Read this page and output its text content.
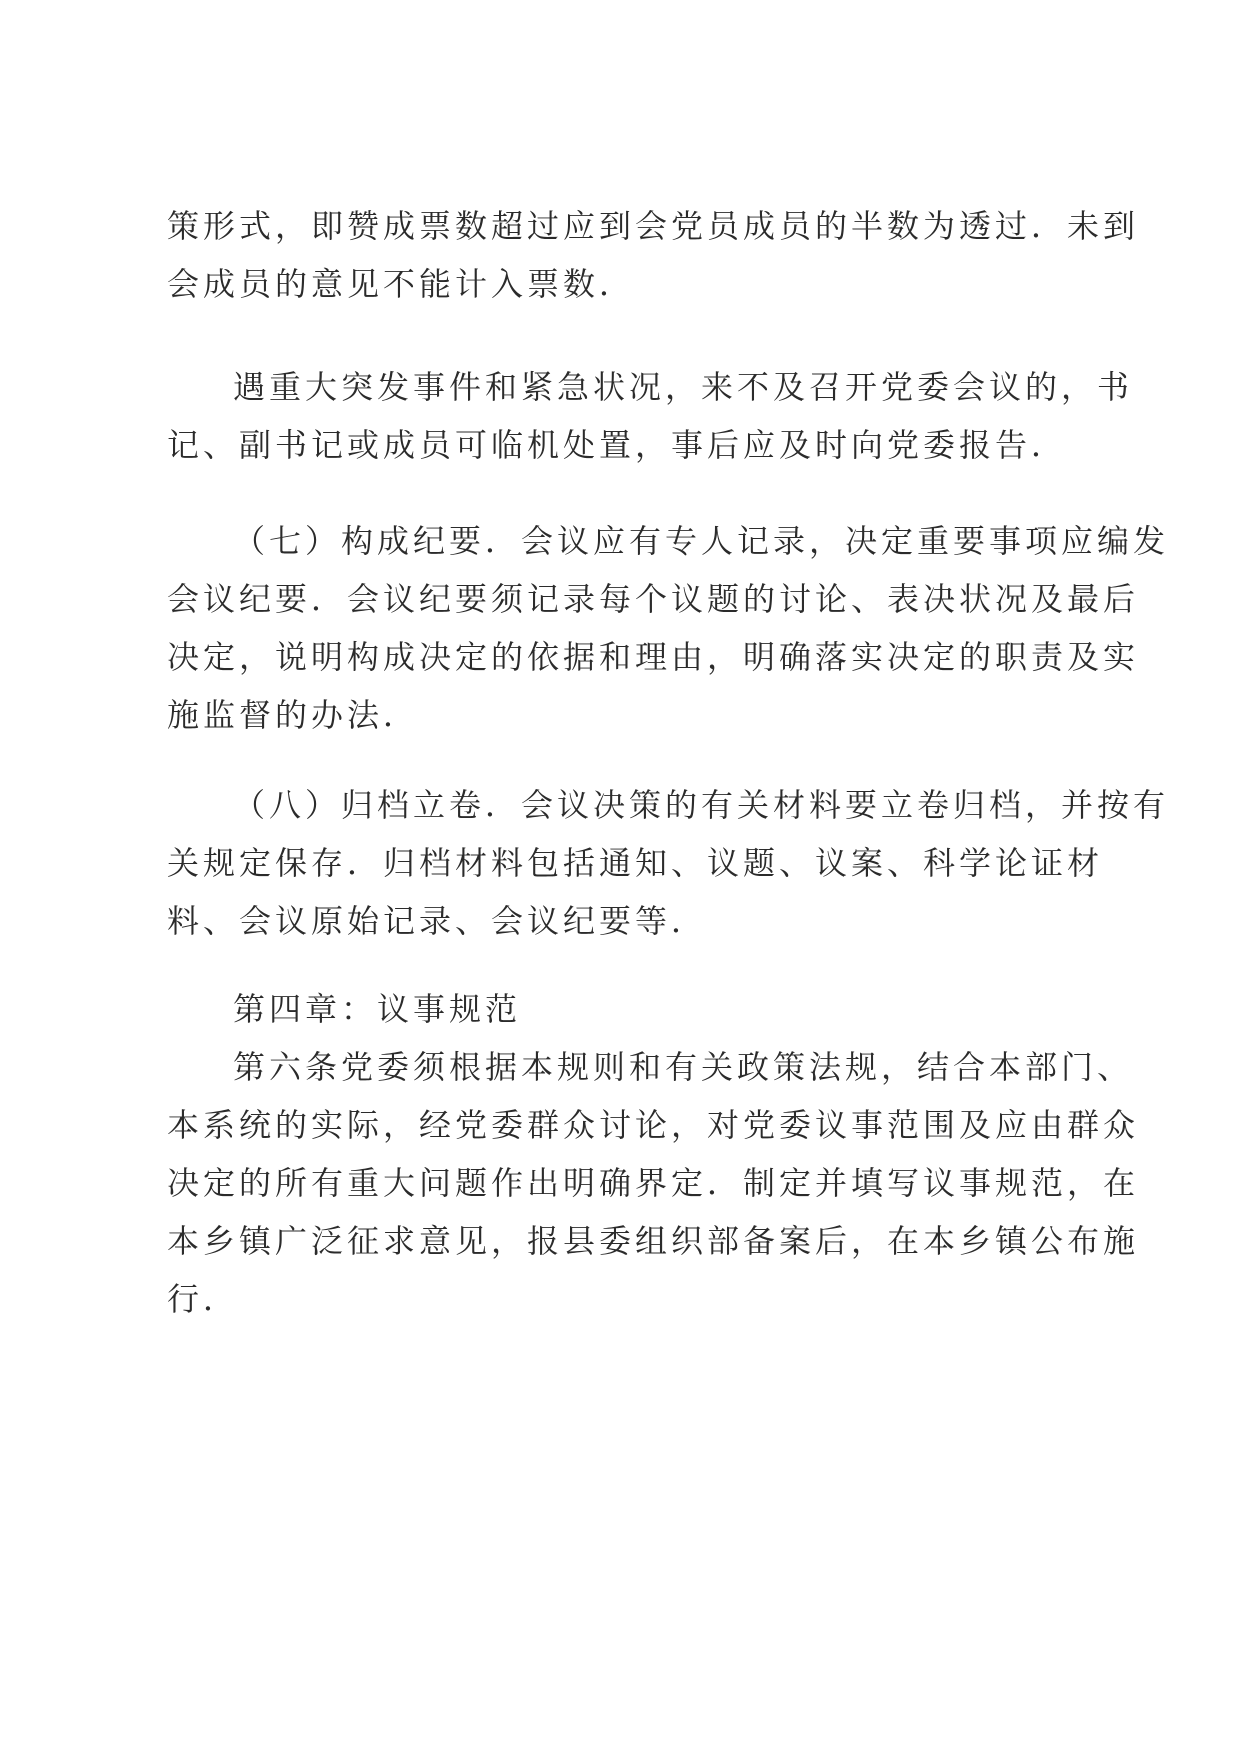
策形式，即赞成票数超过应到会党员成员的半数为透过．未到
会成员的意见不能计入票数．
遇重大突发事件和紧急状况，来不及召开党委会议的，书
记、副书记或成员可临机处置，事后应及时向党委报告．
（七）构成纪要．会议应有专人记录，决定重要事项应编发
会议纪要．会议纪要须记录每个议题的讨论、表决状况及最后
决定，说明构成决定的依据和理由，明确落实决定的职责及实
施监督的办法．
（八）归档立卷．会议决策的有关材料要立卷归档，并按有
关规定保存．归档材料包括通知、议题、议案、科学论证材
料、会议原始记录、会议纪要等．
第四章：议事规范
第六条党委须根据本规则和有关政策法规，结合本部门、
本系统的实际，经党委群众讨论，对党委议事范围及应由群众
决定的所有重大问题作出明确界定．制定并填写议事规范，在
本乡镇广泛征求意见，报县委组织部备案后，在本乡镇公布施
行．
